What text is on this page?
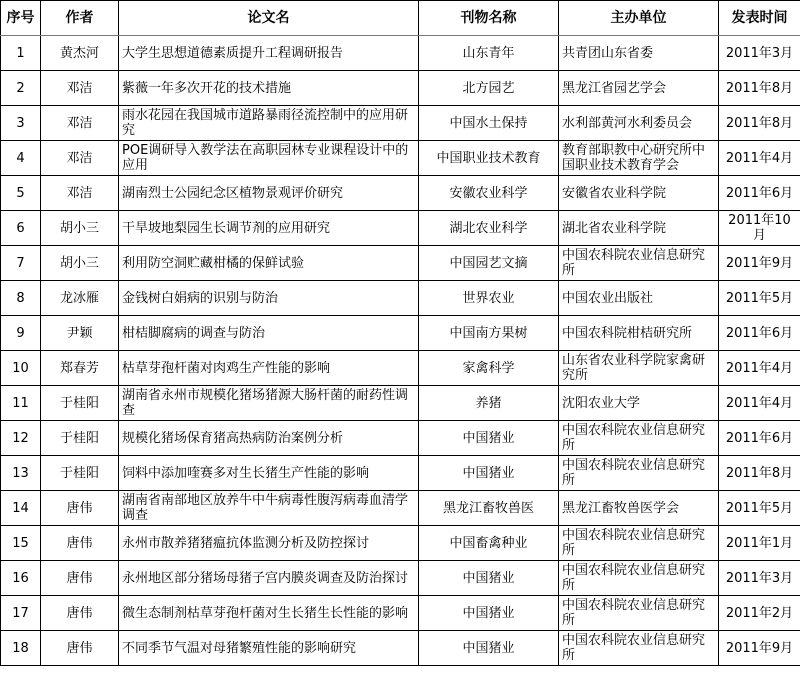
序号	作者	论文名	刊物名称	主办单位	发表时间
1	黄杰河	大学生思想道德素质提升工程调研报告	山东青年	共青团山东省委	2011年3月
2	邓洁	紫薇一年多次开花的技术措施	北方园艺	黑龙江省园艺学会	2011年8月
3	邓洁	雨水花园在我国城市道路暴雨径流控制中的应用研究	中国水土保持	水利部黄河水利委员会	2011年8月
4	邓洁	POE调研导入教学法在高职园林专业课程设计中的应用	中国职业技术教育	教育部职教中心研究所中国职业技术教育学会	2011年4月
5	邓洁	湖南烈士公园纪念区植物景观评价研究	安徽农业科学	安徽省农业科学院	2011年6月
6	胡小三	干旱坡地梨园生长调节剂的应用研究	湖北农业科学	湖北省农业科学院	2011年10月
7	胡小三	利用防空洞贮藏柑橘的保鲜试验	中国园艺文摘	中国农科院农业信息研究所	2011年9月
8	龙冰雁	金钱树白娟病的识别与防治	世界农业	中国农业出版社	2011年5月
9	尹颖	柑桔脚腐病的调查与防治	中国南方果树	中国农科院柑桔研究所	2011年6月
10	郑春芳	枯草芽孢杆菌对肉鸡生产性能的影响	家禽科学	山东省农业科学院家禽研究所	2011年4月
11	于桂阳	湖南省永州市规模化猪场猪源大肠杆菌的耐药性调查	养猪	沈阳农业大学	2011年4月
12	于桂阳	规模化猪场保育猪高热病防治案例分析	中国猪业	中国农科院农业信息研究所	2011年6月
13	于桂阳	饲料中添加喹赛多对生长猪生产性能的影响	中国猪业	中国农科院农业信息研究所	2011年8月
14	唐伟	湖南省南部地区放养牛中牛病毒性腹泻病毒血清学调查	黑龙江畜牧兽医	黑龙江畜牧兽医学会	2011年5月
15	唐伟	永州市散养猪猪瘟抗体监测分析及防控探讨	中国畜禽种业	中国农科院农业信息研究所	2011年1月
16	唐伟	永州地区部分猪场母猪子宫内膜炎调查及防治探讨	中国猪业	中国农科院农业信息研究所	2011年3月
17	唐伟	微生态制剂枯草芽孢杆菌对生长猪生长性能的影响	中国猪业	中国农科院农业信息研究所	2011年2月
18	唐伟	不同季节气温对母猪繁殖性能的影响研究	中国猪业	中国农科院农业信息研究所	2011年9月
